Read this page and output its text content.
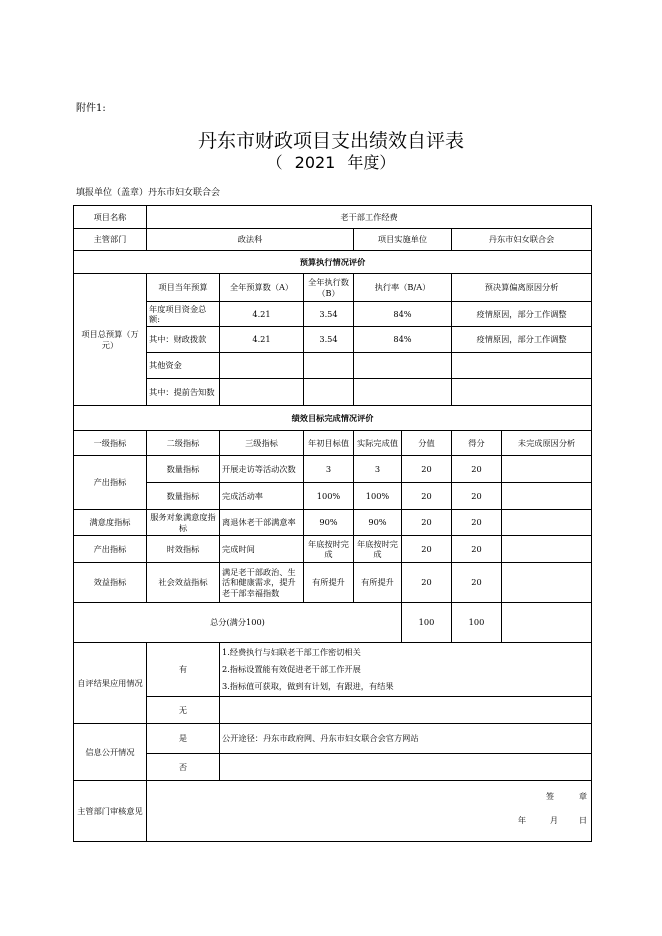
附件1:
丹东市财政项目支出绩效自评表
（ 2021 年度）
填报单位（盖章）丹东市妇女联合会
项目名称	老干部工作经费						
主管部门	政法科			项目实施单位		丹东市妇女联合会	
预算执行情况评价							
项目总预算（万元）	项目当年预算	全年预算数（A）	全年执行数（B）	执行率（B/A）		预决算偏离原因分析	
	年度项目资金总额:	4.21	3.54	84%		疫情原因，部分工作调整	
	其中：财政拨款	4.21	3.54	84%		疫情原因，部分工作调整	
	其他资金						
	其中：提前告知数						
绩效目标完成情况评价							
一级指标	二级指标	三级指标	年初目标值	实际完成值	分值	得分	未完成原因分析
产出指标	数量指标	开展走访等活动次数	3	3	20	20	
	数量指标	完成活动率	100%	100%	20	20	
满意度指标	服务对象满意度指标	离退休老干部满意率	90%	90%	20	20	
产出指标	时效指标	完成时间	年底按时完成	年底按时完成	20	20	
效益指标	社会效益指标	满足老干部政治、生活和健康需求，提升老干部幸福指数	有所提升	有所提升	20	20	
总分(满分100)					100	100	
自评结果应用情况	有	1.经费执行与妇联老干部工作密切相关
2.指标设置能有效促进老干部工作开展
3.指标值可获取，做到有计划，有跟进，有结果					

	无						
信息公开情况	是	公开途径：丹东市政府网、丹东市妇女联合会官方网站					
	否						
主管部门审核意见	签 章
年 月 日						
